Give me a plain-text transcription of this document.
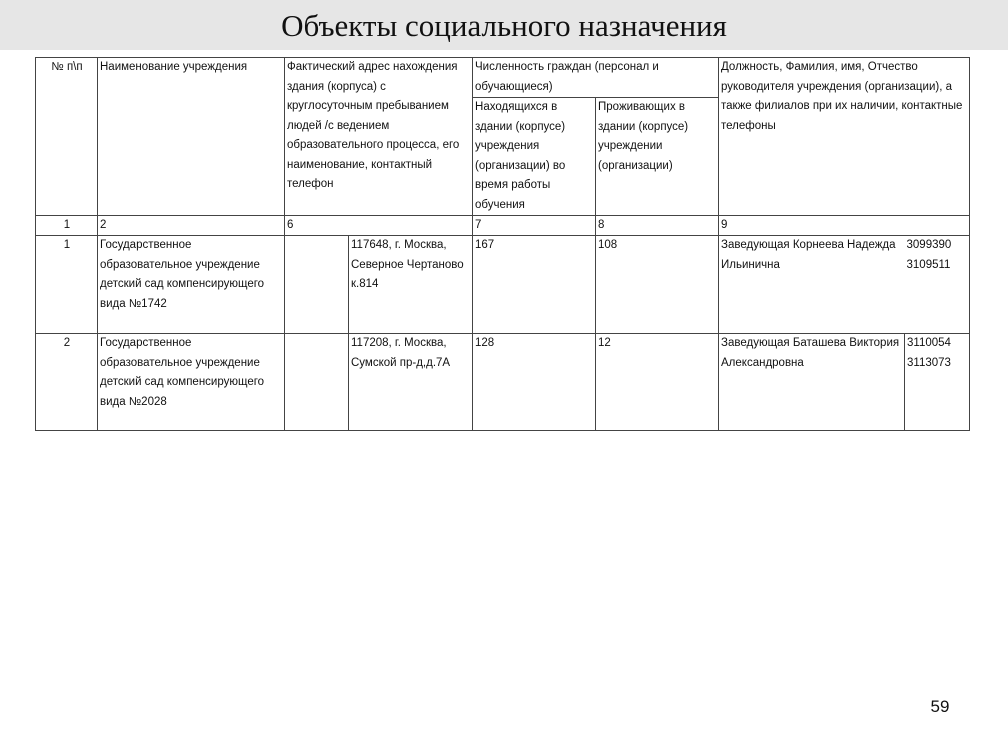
Объекты социального назначения
№ п\п	Наименование учреждения	Фактический адрес нахождения здания (корпуса) с круглосуточным пребыванием людей /с ведением образовательного процесса, его наименование, контактный телефон		Численность граждан (персонал и обучающиеся)		Должность, Фамилия, имя, Отчество руководителя учреждения (организации), а также филиалов при их наличии, контактные телефоны	
				Находящихся в здании (корпусе) учреждения (организации) во время работы обучения	Проживающих в здании (корпусе) учреждении (организации)		
1	2	6		7	8	9	
1	Государственное образовательное учреждение детский сад компенсирующего вида №1742		117648, г. Москва, Северное Чертаново к.814	167	108	Заведующая Корнеева Надежда Ильинична	3099390 3109511
2	Государственное образовательное учреждение детский сад компенсирующего вида №2028		117208, г. Москва, Сумской пр-д,д.7А	128	12	Заведующая Баташева Виктория Александровна	3110054 3113073
59
